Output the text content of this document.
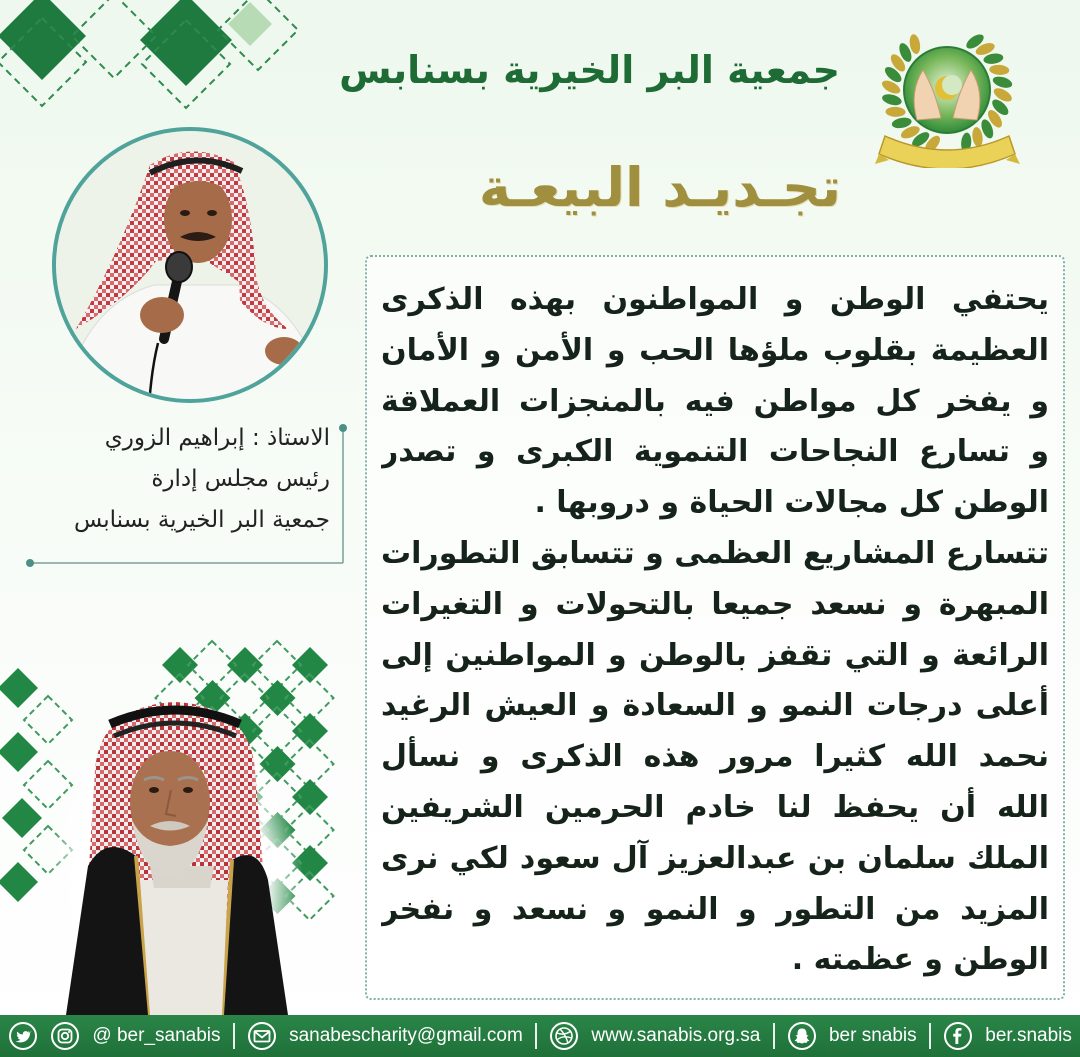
جمعية البر الخيرية بسنابس
تجـديـد البيعـة
الاستاذ : إبراهيم الزوري
رئيس مجلس إدارة
جمعية البر الخيرية بسنابس
يحتفي الوطن و المواطنون بهذه الذكرى
العظيمة بقلوب ملؤها الحب و الأمن و الأمان
و يفخر كل مواطن فيه بالمنجزات العملاقة
و تسارع النجاحات التنموية الكبرى و تصدر
الوطن كل مجالات الحياة و دروبها .
تتسارع المشاريع العظمى و تتسابق التطورات
المبهرة و نسعد جميعا بالتحولات و التغيرات
الرائعة و التي تقفز بالوطن و المواطنين إلى
أعلى درجات النمو و السعادة و العيش الرغيد
نحمد الله كثيرا مرور هذه الذكرى و نسأل
الله أن يحفظ لنا خادم الحرمين الشريفين
الملك سلمان بن عبدالعزيز آل سعود لكي نرى
المزيد من التطور و النمو و نسعد و نفخر
الوطن و عظمته .
@ ber_sanabis	sanabescharity@gmail.com	www.sanabis.org.sa	ber snabis	ber.snabis
